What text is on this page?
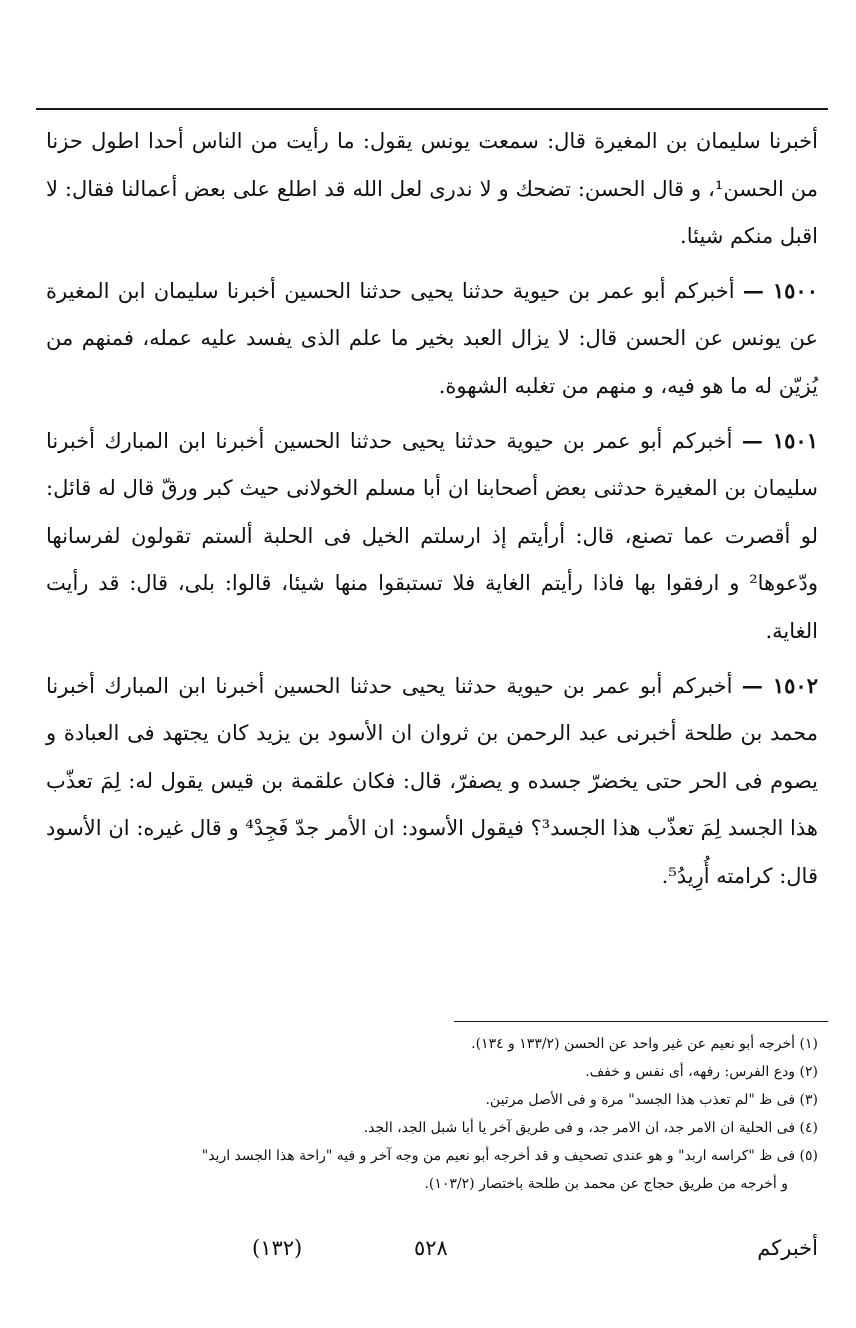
أخبرنا سليمان بن المغيرة قال: سمعت يونس يقول: ما رأيت من الناس أحدا اطول حزنا من الحسن¹، و قال الحسن: تضحك و لا ندرى لعل الله قد اطلع على بعض أعمالنا فقال: لا اقبل منكم شيئا.

١٥٠٠ — أخبركم أبو عمر بن حيوية حدثنا يحيى حدثنا الحسين أخبرنا سليمان ابن المغيرة عن يونس عن الحسن قال: لا يزال العبد بخير ما علم الذى يفسد عليه عمله، فمنهم من يُزيّن له ما هو فيه، و منهم من تغلبه الشهوة.

١٥٠١ — أخبركم أبو عمر بن حيوية حدثنا يحيى حدثنا الحسين أخبرنا ابن المبارك أخبرنا سليمان بن المغيرة حدثنى بعض أصحابنا ان أبا مسلم الخولانى حيث كبر ورقّ قال له قائل: لو أقصرت عما تصنع، قال: أرأيتم إذ ارسلتم الخيل فى الحلبة ألستم تقولون لفرسانها ودّعوها² و ارفقوا بها فاذا رأيتم الغاية فلا تستبقوا منها شيئا، قالوا: بلى، قال: قد رأيت الغاية.

١٥٠٢ — أخبركم أبو عمر بن حيوية حدثنا يحيى حدثنا الحسين أخبرنا ابن المبارك أخبرنا محمد بن طلحة أخبرنى عبد الرحمن بن ثروان ان الأسود بن يزيد كان يجتهد فى العبادة و يصوم فى الحر حتى يخضرّ جسده و يصفرّ، قال: فكان علقمة بن قيس يقول له: لِمَ تعذّب هذا الجسد لِمَ تعذّب هذا الجسد³؟ فيقول الأسود: ان الأمر جدّ فَجِدْ⁴ و قال غيره: ان الأسود قال: كرامته أُرِيدُ⁵.

(١) أخرجه أبو نعيم عن غير واحد عن الحسن (١٣٣/٢ و ١٣٤).

(٢) ودع الفرس: رفهه، أى نفس و خفف.

(٣) فى ظ "لم تعذب هذا الجسد" مرة و فى الأصل مرتين.

(٤) فى الحلية ان الامر جد، ان الامر جد، و فى طريق آخر يا أبا شبل الجد، الجد.

(٥) فى ظ "كراسه اربد" و هو عندى تصحيف و قد أخرجه أبو نعيم من وجه آخر و فيه "راحة هذا الجسد اريد"

و أخرجه من طريق حجاج عن محمد بن طلحة باختصار (١٠٣/٢).

أخبركم
(١٣٢)	٥٢٨
